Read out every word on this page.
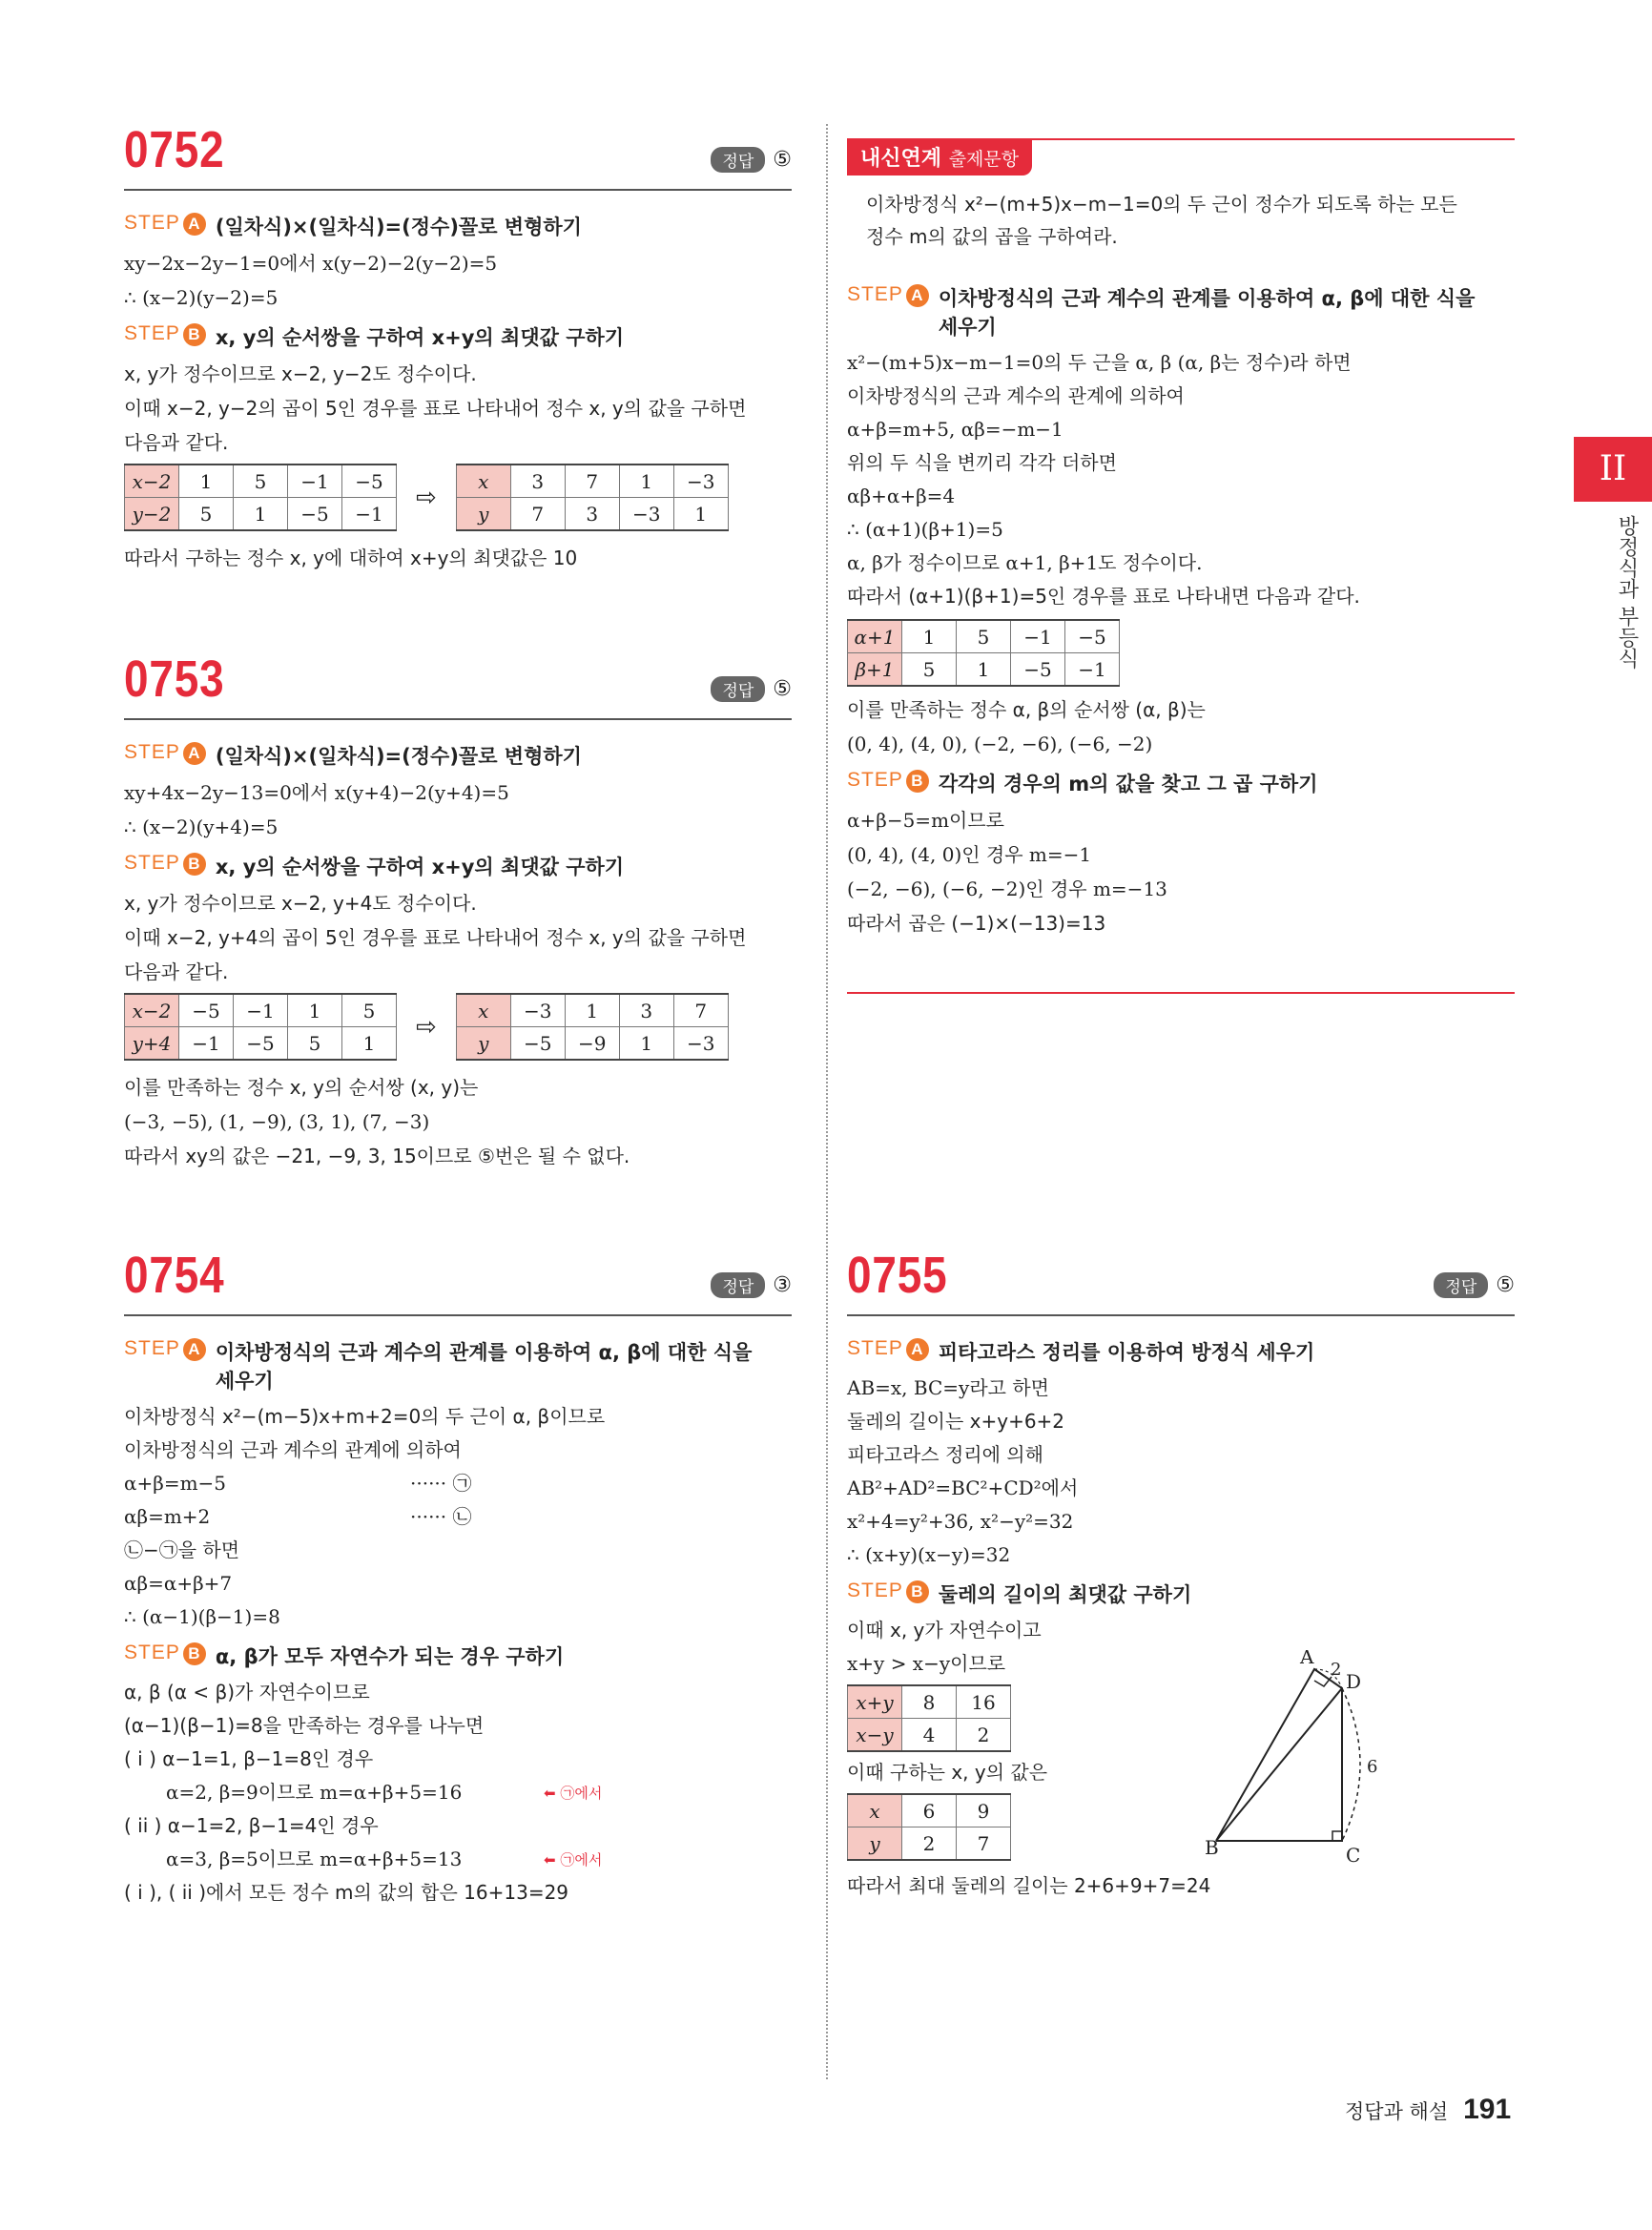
II
방정식과 부등식
0752	정답 ⑤
STEP A (일차식)×(일차식)=(정수)꼴로 변형하기
xy−2x−2y−1=0에서 x(y−2)−2(y−2)=5
∴ (x−2)(y−2)=5
STEP B x, y의 순서쌍을 구하여 x+y의 최댓값 구하기
x, y가 정수이므로 x−2, y−2도 정수이다.
이때 x−2, y−2의 곱이 5인 경우를 표로 나타내어 정수 x, y의 값을 구하면
다음과 같다.
x−2	1	5	−1	−5
y−2	5	1	−5	−1
⇨
x	3	7	1	−3
y	7	3	−3	1
따라서 구하는 정수 x, y에 대하여 x+y의 최댓값은 10
0753	정답 ⑤
STEP A (일차식)×(일차식)=(정수)꼴로 변형하기
xy+4x−2y−13=0에서 x(y+4)−2(y+4)=5
∴ (x−2)(y+4)=5
STEP B x, y의 순서쌍을 구하여 x+y의 최댓값 구하기
x, y가 정수이므로 x−2, y+4도 정수이다.
이때 x−2, y+4의 곱이 5인 경우를 표로 나타내어 정수 x, y의 값을 구하면
다음과 같다.
x−2	−5	−1	1	5
y+4	−1	−5	5	1
⇨
x	−3	1	3	7
y	−5	−9	1	−3
이를 만족하는 정수 x, y의 순서쌍 (x, y)는
(−3, −5), (1, −9), (3, 1), (7, −3)
따라서 xy의 값은 −21, −9, 3, 15이므로 ⑤번은 될 수 없다.
내신연계 출제문항
이차방정식 x²−(m+5)x−m−1=0의 두 근이 정수가 되도록 하는 모든
정수 m의 값의 곱을 구하여라.
STEP A 이차방정식의 근과 계수의 관계를 이용하여 α, β에 대한 식을
세우기
x²−(m+5)x−m−1=0의 두 근을 α, β (α, β는 정수)라 하면
이차방정식의 근과 계수의 관계에 의하여
α+β=m+5, αβ=−m−1
위의 두 식을 변끼리 각각 더하면
αβ+α+β=4
∴ (α+1)(β+1)=5
α, β가 정수이므로 α+1, β+1도 정수이다.
따라서 (α+1)(β+1)=5인 경우를 표로 나타내면 다음과 같다.
α+1	1	5	−1	−5
β+1	5	1	−5	−1
이를 만족하는 정수 α, β의 순서쌍 (α, β)는
(0, 4), (4, 0), (−2, −6), (−6, −2)
STEP B 각각의 경우의 m의 값을 찾고 그 곱 구하기
α+β−5=m이므로
(0, 4), (4, 0)인 경우 m=−1
(−2, −6), (−6, −2)인 경우 m=−13
따라서 곱은 (−1)×(−13)=13
0754	정답 ③
STEP A 이차방정식의 근과 계수의 관계를 이용하여 α, β에 대한 식을
세우기
이차방정식 x²−(m−5)x+m+2=0의 두 근이 α, β이므로
이차방정식의 근과 계수의 관계에 의하여
α+β=m−5	······ ㉠
αβ=m+2	······ ㉡
㉡−㉠을 하면
αβ=α+β+7
∴ (α−1)(β−1)=8
STEP B α, β가 모두 자연수가 되는 경우 구하기
α, β (α < β)가 자연수이므로
(α−1)(β−1)=8을 만족하는 경우를 나누면
( i ) α−1=1, β−1=8인 경우
α=2, β=9이므로 m=α+β+5=16	⬅ ㉠에서
( ii ) α−1=2, β−1=4인 경우
α=3, β=5이므로 m=α+β+5=13	⬅ ㉠에서
( i ), ( ii )에서 모든 정수 m의 값의 합은 16+13=29
0755	정답 ⑤
STEP A 피타고라스 정리를 이용하여 방정식 세우기
AB=x, BC=y라고 하면
둘레의 길이는 x+y+6+2
피타고라스 정리에 의해
AB²+AD²=BC²+CD²에서
x²+4=y²+36, x²−y²=32
∴ (x+y)(x−y)=32
STEP B 둘레의 길이의 최댓값 구하기
이때 x, y가 자연수이고
x+y > x−y이므로
x+y	8	16
x−y	4	2
이때 구하는 x, y의 값은
x	6	9
y	2	7
따라서 최대 둘레의 길이는 2+6+9+7=24
A
B	C
D
2
6
정답과 해설 191
